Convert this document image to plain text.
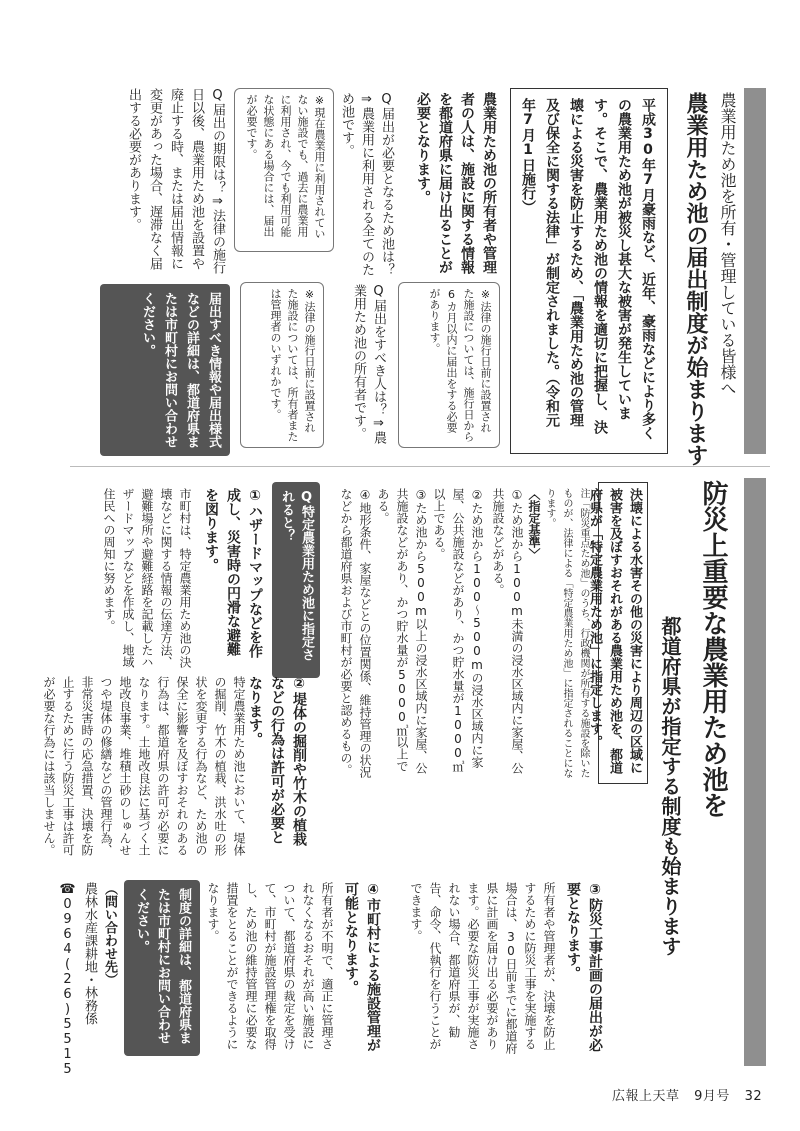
農業用ため池を所有・管理している皆様へ
農業用ため池の届出制度が始まります
平成30年7月豪雨など、近年、豪雨などにより多く
の農業用ため池が被災し甚大な被害が発生していま
す。そこで、農業用ため池の情報を適切に把握し、決
壊による災害を防止するため、「農業用ため池の管理
及び保全に関する法律」が制定されました。（令和元
年7月1日施行）
農業用ため池の所有者や管理者の人は、施設に関する情報を都道府県に届け出ることが必要となります。
Q届出が必要となるため池は？⇒農業用に利用される全てのため池です。
※現在農業用に利用されていない施設でも、過去に農業用に利用され、今でも利用可能な状態にある場合には、届出が必要です。
Q届出の期限は？⇒法律の施行日以後、農業用ため池を設置や廃止する時、または届出情報に変更があった場合、遅滞なく届出する必要があります。
Q届出をすべき人は？⇒農業用ため池の所有者です。	※法律の施行日前に設置された施設については、施行日から6カ月以内に届出をする必要があります。
※法律の施行日前に設置された施設については、所有者または管理者のいずれかです。
届出すべき情報や届出様式などの詳細は、都道府県または市町村にお問い合わせください。
防災上重要な農業用ため池を
都道府県が指定する制度も始まります
決壊による水害その他の災害により周辺の区域に被害を及ぼすおそれがある農業用ため池を、都道府県が「特定農業用ため池」に指定します。
注「防災重点ため池」のうち、行政機関が所有する施設を除いたものが、法律による「特定農業用ため池」に指定されることになります。
〈指定基準〉
①ため池から100m未満の浸水区域内に家屋、公共施設などがある。
②ため池から100〜500mの浸水区域内に家屋、公共施設などがあり、かつ貯水量が1000㎥以上である。
③ため池から500m以上の浸水区域内に家屋、公共施設などがあり、かつ貯水量が5000㎥以上である。
④地形条件、家屋などとの位置関係、維持管理の状況などから都道府県および市町村が必要と認めるもの。
Q特定農業用ため池に指定されると？
①ハザードマップなどを作成し、災害時の円滑な避難を図ります。
市町村は、特定農業用ため池の決壊などに関する情報の伝達方法、避難場所や避難経路を記載したハザードマップなどを作成し、地域住民への周知に努めます。
②堤体の掘削や竹木の植栽などの行為は許可が必要となります。
特定農業用ため池において、堤体の掘削、竹木の植栽、洪水吐の形状を変更する行為など、ため池の保全に影響を及ぼすおそれのある行為は、都道府県の許可が必要になります。土地改良法に基づく土地改良事業、堆積土砂のしゅんせつや堤体の修繕などの管理行為、非常災害時の応急措置、決壊を防止するために行う防災工事は許可が必要な行為には該当しません。
③防災工事計画の届出が必要となります。
所有者や管理者が、決壊を防止するために防災工事を実施する場合は、30日前までに都道府県に計画を届け出る必要があります。必要な防災工事が実施されない場合、都道府県が、勧告、命令、代執行を行うことができます。
④市町村による施設管理が可能となります。
所有者が不明で、適正に管理されなくなるおそれが高い施設について、都道府県の裁定を受けて、市町村が施設管理権を取得し、ため池の維持管理に必要な措置をとることができるようになります。
制度の詳細は、都道府県または市町村にお問い合わせください。
（問い合わせ先）
農林水産課耕地・林務係
☎0964(26)5515
広報上天草 9月号 32
